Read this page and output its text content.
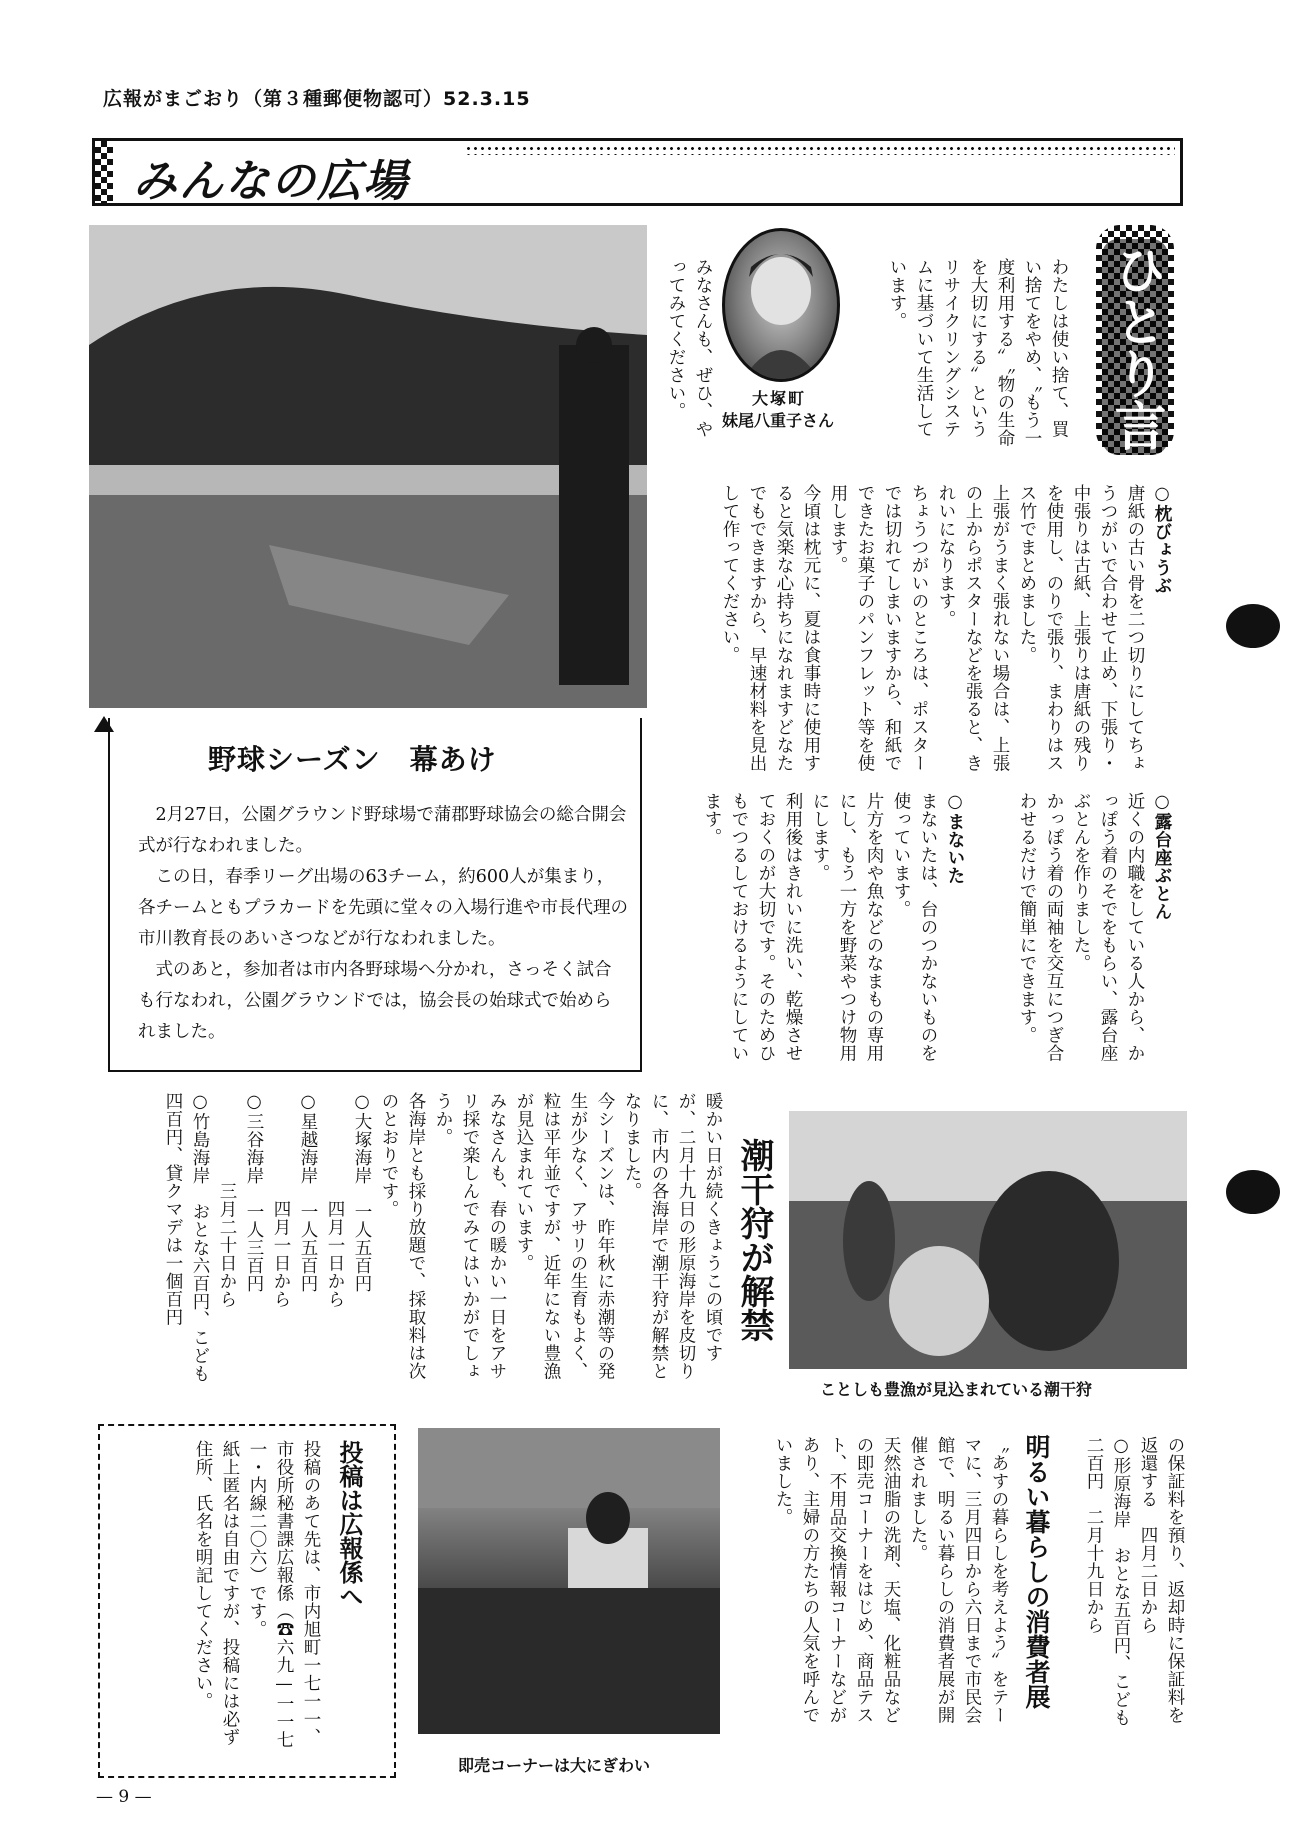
広報がまごおり（第３種郵便物認可）52.3.15
みんなの広場
野球シーズン　幕あけ

2月27日，公園グラウンド野球場で蒲郡野球協会の総合開会式が行なわれました。

この日，春季リーグ出場の63チーム，約600人が集まり，各チームともプラカードを先頭に堂々の入場行進や市長代理の市川教育長のあいさつなどが行なわれました。

式のあと，参加者は市内各野球場へ分かれ，さっそく試合も行なわれ，公園グラウンドでは，協会長の始球式で始められました。

ひとり言
大塚町
妹尾八重子さん	わたしは使い捨て、買い捨てをやめ、〝もう一度利用する〟〝物の生命を大切にする〟というリサイクリングシステムに基づいて生活しています。
みなさんも、ぜひ、やってみてください。
○枕びょうぶ
唐紙の古い骨を二つ切りにしてちょうつがいで合わせて止め、下張り・中張りは古紙、上張りは唐紙の残りを使用し、のりで張り、まわりはスス竹でまとめました。
上張がうまく張れない場合は、上張の上からポスターなどを張ると、きれいになります。
ちょうつがいのところは、ポスターでは切れてしまいますから、和紙でできたお菓子のパンフレット等を使用します。
今頃は枕元に、夏は食事時に使用すると気楽な心持ちになれますどなたでもできますから、早速材料を見出して作ってください。
○露台座ぶとん
近くの内職をしている人から、かっぽう着のそでをもらい、露台座ぶとんを作りました。
かっぽう着の両袖を交互につぎ合わせるだけで簡単にできます。
○まないた
まないたは、台のつかないものを使っています。
片方を肉や魚などのなまもの専用にし、もう一方を野菜やつけ物用にします。
利用後はきれいに洗い、乾燥させておくのが大切です。そのためひもでつるしておけるようにしています。
ことしも豊漁が見込まれている潮干狩
潮干狩が解禁
暖かい日が続くきょうこの頃ですが、二月十九日の形原海岸を皮切りに、市内の各海岸で潮干狩が解禁となりました。
今シーズンは、昨年秋に赤潮等の発生が少なく、アサリの生育もよく、粒は平年並ですが、近年にない豊漁が見込まれています。
みなさんも、春の暖かい一日をアサリ採で楽しんでみてはいかがでしょうか。
各海岸とも採り放題で、採取料は次のとおりです。
○大塚海岸　一人五百円
　　　　　　四月一日から
○星越海岸　一人五百円
　　　　　　四月一日から
○三谷海岸　一人三百円
　　　　　三月二十日から
○竹島海岸　おとな六百円、こども四百円、貸クマデは一個百円
の保証料を預り、返却時に保証料を返還する　四月二日から
○形原海岸　おとな五百円、こども二百円　二月十九日から
明るい暮らしの消費者展
〝あすの暮らしを考えよう〟をテーマに、三月四日から六日まで市民会館で、明るい暮らしの消費者展が開催されました。
天然油脂の洗剤、天塩、化粧品などの即売コーナーをはじめ、商品テスト、不用品交換情報コーナーなどがあり、主婦の方たちの人気を呼んでいました。
即売コーナーは大にぎわい
投稿は広報係へ
投稿のあて先は、市内旭町一七一一、市役所秘書課広報係（☎六九—一一七一・内線二〇六）です。
紙上匿名は自由ですが、投稿には必ず住所、氏名を明記してください。
— 9 —
